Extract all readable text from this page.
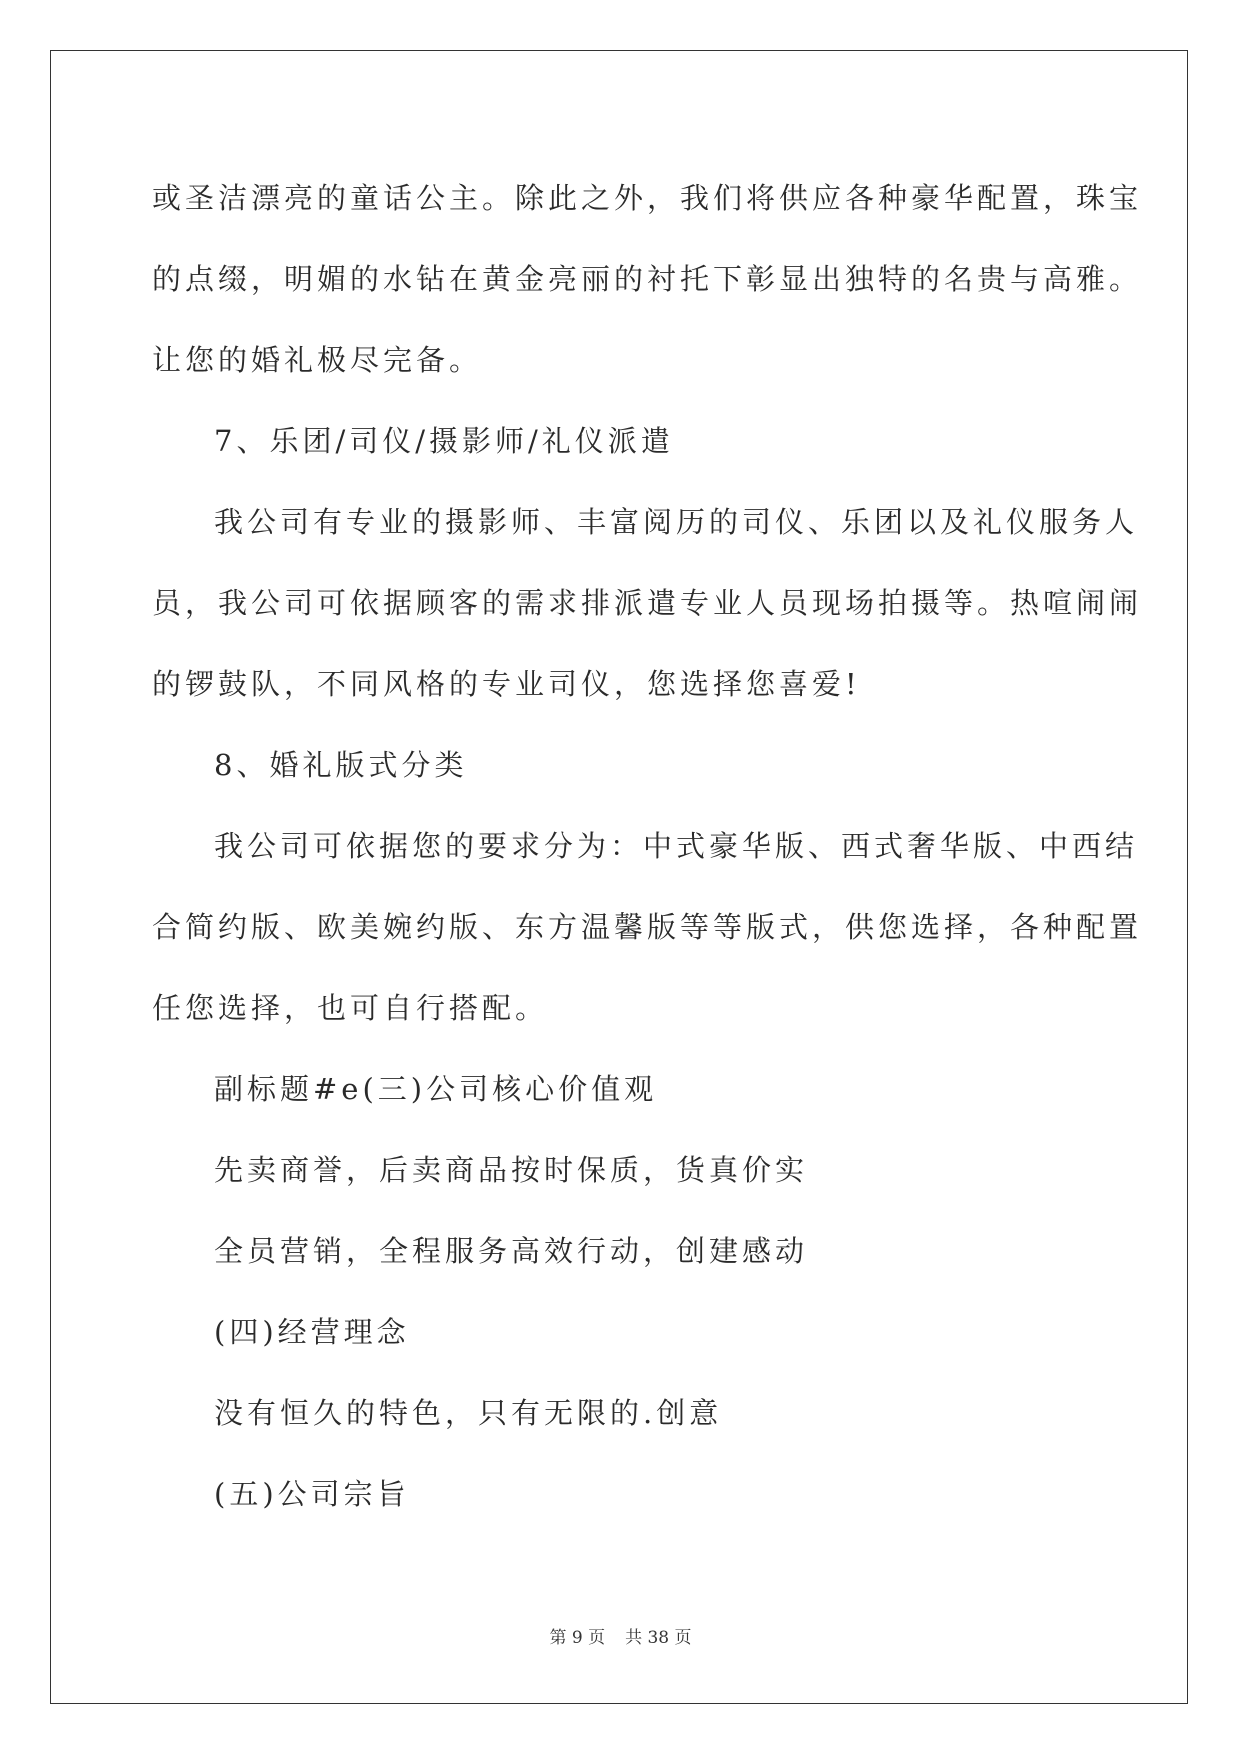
或圣洁漂亮的童话公主。除此之外，我们将供应各种豪华配置，珠宝

的点缀，明媚的水钻在黄金亮丽的衬托下彰显出独特的名贵与高雅。

让您的婚礼极尽完备。

7、乐团/司仪/摄影师/礼仪派遣

我公司有专业的摄影师、丰富阅历的司仪、乐团以及礼仪服务人

员，我公司可依据顾客的需求排派遣专业人员现场拍摄等。热喧闹闹

的锣鼓队，不同风格的专业司仪，您选择您喜爱!

8、婚礼版式分类

我公司可依据您的要求分为：中式豪华版、西式奢华版、中西结

合简约版、欧美婉约版、东方温馨版等等版式，供您选择，各种配置

任您选择，也可自行搭配。

副标题#e(三)公司核心价值观

先卖商誉，后卖商品按时保质，货真价实

全员营销，全程服务高效行动，创建感动

(四)经营理念

没有恒久的特色，只有无限的.创意

(五)公司宗旨

第 9 页 共 38 页
